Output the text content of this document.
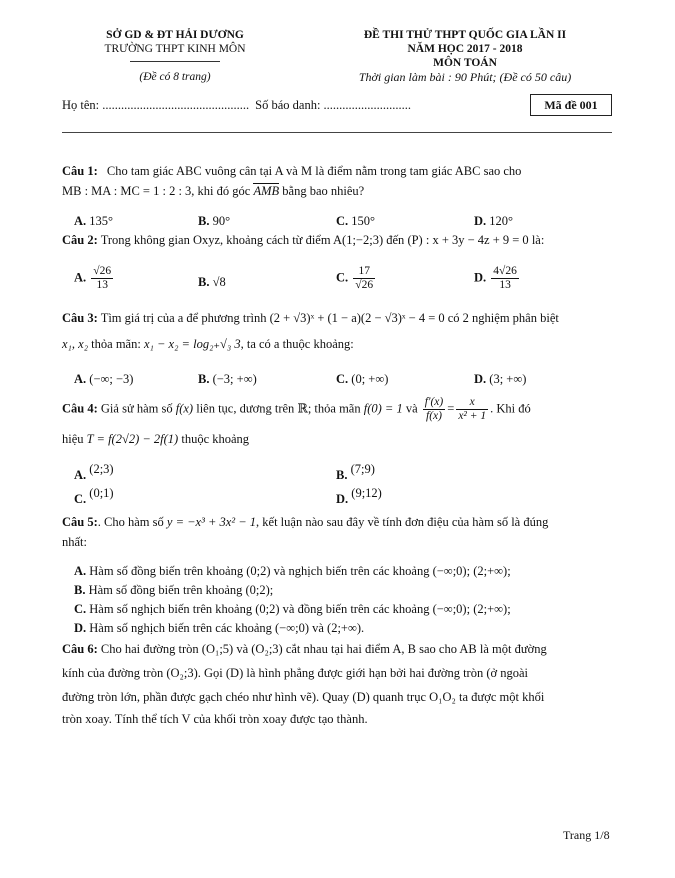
SỞ GD & ĐT HẢI DƯƠNG
TRƯỜNG THPT KINH MÔN
(Đề có 8 trang)
ĐỀ THI THỬ THPT QUỐC GIA LẦN II
NĂM HỌC 2017 - 2018
MÔN TOÁN
Thời gian làm bài : 90 Phút; (Đề có 50 câu)
Họ tên: ............................................... Số báo danh: ............................	Mã đề 001
Câu 1: Cho tam giác ABC vuông cân tại A và M là điểm nằm trong tam giác ABC sao cho
MB : MA : MC = 1 : 2 : 3, khi đó góc AMB bằng bao nhiêu?
A. 135°	B. 90°	C. 150°	D. 120°
Câu 2: Trong không gian Oxyz, khoảng cách từ điểm A(1;−2;3) đến (P) : x + 3y − 4z + 9 = 0 là:
A. $\frac{√26}{13}$	B. √8	C. $\frac{17}{√26}$	D. $\frac{4√26}{13}$
Câu 3: Tìm giá trị của a để phương trình (2 + √3)ˣ + (1 − a)(2 − √3)ˣ − 4 = 0 có 2 nghiệm phân biệt
x₁, x₂ thỏa mãn: x₁ − x₂ = log₂₊√₃ 3, ta có a thuộc khoảng:
A. (−∞; −3)	B. (−3; +∞)	C. (0; +∞)	D. (3; +∞)
Câu 4: Giả sử hàm số f(x) liên tục, dương trên ℝ; thỏa mãn f(0) = 1 và $\frac{f'(x)}{f(x)} = \frac{x}{\text{x² + 1}}$ . Khi đó
hiệu T = f(2√2) − 2f(1) thuộc khoảng
A. (2;3)	B. (7;9)
C. (0;1)	D. (9;12)
Câu 5:. Cho hàm số y = −x³ + 3x² − 1, kết luận nào sau đây về tính đơn điệu của hàm số là đúng
nhất:
A. Hàm số đồng biến trên khoảng (0;2) và nghịch biến trên các khoảng (−∞;0); (2;+∞);
B. Hàm số đồng biến trên khoảng (0;2);
C. Hàm số nghịch biến trên khoảng (0;2) và đồng biến trên các khoảng (−∞;0); (2;+∞);
D. Hàm số nghịch biến trên các khoảng (−∞;0) và (2;+∞).
Câu 6: Cho hai đường tròn (O₁;5) và (O₂;3) cắt nhau tại hai điểm A, B sao cho AB là một đường
kính của đường tròn (O₂;3). Gọi (D) là hình phẳng được giới hạn bởi hai đường tròn (ở ngoài
đường tròn lớn, phần được gạch chéo như hình vẽ). Quay (D) quanh trục O₁O₂ ta được một khối
tròn xoay. Tính thể tích V của khối tròn xoay được tạo thành.
Trang 1/8
